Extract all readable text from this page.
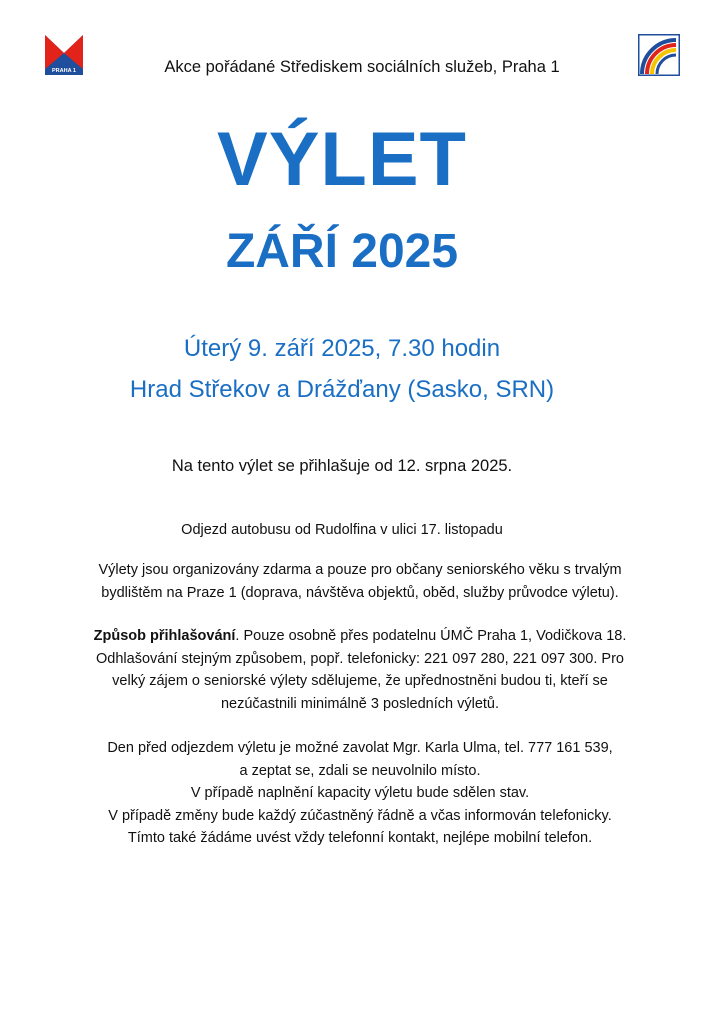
PRAHA 1	Akce pořádané Střediskem sociálních služeb, Praha 1
VÝLET
ZÁŘÍ 2025
Úterý 9. září 2025, 7.30 hodin
Hrad Střekov a Drážďany (Sasko, SRN)
Na tento výlet se přihlašuje od 12. srpna 2025.
Odjezd autobusu od Rudolfina v ulici 17. listopadu
Výlety jsou organizovány zdarma a pouze pro občany seniorského věku s trvalým
bydlištěm na Praze 1 (doprava, návštěva objektů, oběd, služby průvodce výletu).
Způsob přihlašování. Pouze osobně přes podatelnu ÚMČ Praha 1, Vodičkova 18.
Odhlašování stejným způsobem, popř. telefonicky: 221 097 280, 221 097 300. Pro
velký zájem o seniorské výlety sdělujeme, že upřednostněni budou ti, kteří se
nezúčastnili minimálně 3 posledních výletů.
Den před odjezdem výletu je možné zavolat Mgr. Karla Ulma, tel. 777 161 539,
a zeptat se, zdali se neuvolnilo místo.
V případě naplnění kapacity výletu bude sdělen stav.
V případě změny bude každý zúčastněný řádně a včas informován telefonicky.
Tímto také žádáme uvést vždy telefonní kontakt, nejlépe mobilní telefon.
